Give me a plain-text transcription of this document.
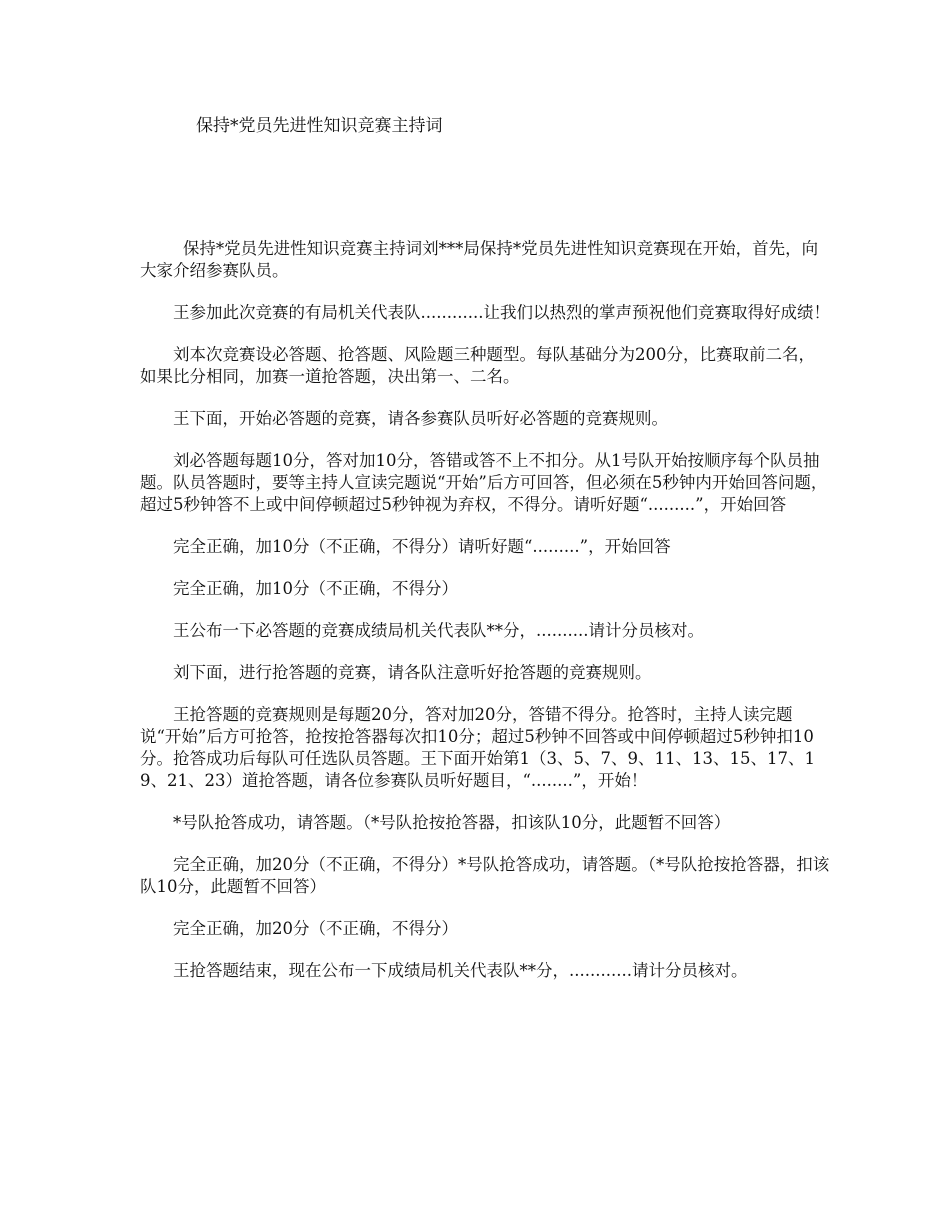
保持*党员先进性知识竞赛主持词

保持*党员先进性知识竞赛主持词刘***局保持*党员先进性知识竞赛现在开始，首先，向大家介绍参赛队员。

王参加此次竞赛的有局机关代表队............让我们以热烈的掌声预祝他们竞赛取得好成绩！

刘本次竞赛设必答题、抢答题、风险题三种题型。每队基础分为200分，比赛取前二名，如果比分相同，加赛一道抢答题，决出第一、二名。

王下面，开始必答题的竞赛，请各参赛队员听好必答题的竞赛规则。

刘必答题每题10分，答对加10分，答错或答不上不扣分。从1号队开始按顺序每个队员抽题。队员答题时，要等主持人宣读完题说“开始”后方可回答，但必须在5秒钟内开始回答问题，超过5秒钟答不上或中间停顿超过5秒钟视为弃权，不得分。请听好题“.........”，开始回答

完全正确，加10分（不正确，不得分）请听好题“.........”，开始回答

完全正确，加10分（不正确，不得分）

王公布一下必答题的竞赛成绩局机关代表队**分，..........请计分员核对。

刘下面，进行抢答题的竞赛，请各队注意听好抢答题的竞赛规则。

王抢答题的竞赛规则是每题20分，答对加20分，答错不得分。抢答时，主持人读完题说“开始”后方可抢答，抢按抢答器每次扣10分；超过5秒钟不回答或中间停顿超过5秒钟扣10分。抢答成功后每队可任选队员答题。王下面开始第1（3、5、7、9、11、13、15、17、19、21、23）道抢答题，请各位参赛队员听好题目，“........”，开始！

*号队抢答成功，请答题。（*号队抢按抢答器，扣该队10分，此题暂不回答）

完全正确，加20分（不正确，不得分）*号队抢答成功，请答题。（*号队抢按抢答器，扣该队10分，此题暂不回答）

完全正确，加20分（不正确，不得分）

王抢答题结束，现在公布一下成绩局机关代表队**分，............请计分员核对。
